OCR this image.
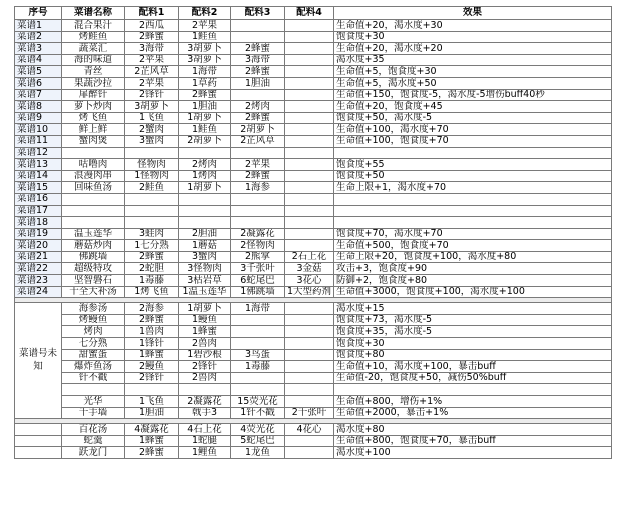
序号	菜谱名称	配料1	配料2	配料3	配料4	效果
菜谱1	混合果汁	2西瓜	2苹果			生命值+20，渴水度+30
菜谱2	烤鲑鱼	2蜂蜜	1鲑鱼			饱食度+30
菜谱3	蔬菜汇	3海带	3胡萝卜	2蜂蜜		生命值+20，渴水度+20
菜谱4	海的味道	2苹果	3胡萝卜	3海带		渴水度+35
菜谱5	青丝	2芷风草	1海带	2蜂蜜		生命值+5，饱食度+30
菜谱6	果蔬沙拉	2苹果	1草药	1胆油		生命值+5，渴水度+50
菜谱7	扉醉针	2锋针	2蜂蜜			生命值+150，饱食度-5，渴水度-5增伤buff40秒
菜谱8	萝卜炒肉	3胡萝卜	1胆油	2烤肉		生命值+20，饱食度+45
菜谱9	烤飞鱼	1飞鱼	1胡萝卜	2蜂蜜		饱食度+50，渴水度-5
菜谱10	鲜上鲜	2蟹肉	1鲑鱼	2胡萝卜		生命值+100，渴水度+70
菜谱11	蟹肉煲	3蟹肉	2胡萝卜	2芷风草		生命值+100，饱食度+70
菜谱12						
菜谱13	咕噜肉	怪物肉	2烤肉	2苹果		饱食度+55
菜谱14	浪漫肉串	1怪物肉	1烤肉	2蜂蜜		饱食度+50
菜谱15	回味鱼汤	2鲑鱼	1胡萝卜	1海参		生命上限+1，渴水度+70
菜谱16						
菜谱17						
菜谱18						
菜谱19	温玉莲华	3蛙肉	2胆油	2凝露花		饱食度+70，渴水度+70
菜谱20	蘑菇炒肉	1七分熟	1蘑菇	2怪物肉		生命值+500，饱食度+70
菜谱21	佛跳墙	2蜂蜜	3蟹肉	2熊掌	2石上花	生命上限+20，饱食度+100，渴水度+80
菜谱22	超级特攻	2蛇胆	3怪物肉	3千张叶	3金菇	攻击+3，饱食度+90
菜谱23	坚智磐石	1毒藤	3枯岩草	6蛇尾巴	3花心	防御+2，饱食度+80
菜谱24	十全大补汤	1烤飞鱼	1温玉莲华	1佛跳墙	1大型药剂	生命值+3000，饱食度+100，渴水度+100

菜谱号未知	海参汤	2海参	1胡萝卜	1海带		渴水度+15
	烤鳗鱼	2蜂蜜	1鳗鱼			饱食度+73，渴水度-5
	烤肉	1兽肉	1蜂蜜			饱食度+35，渴水度-5
	七分熟	1锋针	2兽肉			饱食度+30
	甜蜜蛋	1蜂蜜	1碧沙根	3鸟蛋		饱食度+80
	爆炸鱼汤	2鳗鱼	2锋针	1毒藤		生命值+10，渴水度+100，暴击buff
	针不戳	2锋针	2兽肉			生命值-20，饱食度+50，减伤50%buff

	光华	1飞鱼	2凝露花	15荧光花		生命值+800，增伤+1%
	千手墙	1胆油	戟手3	1针不戳	2千张叶	生命值+2000，暴击+1%

	百花汤	4凝露花	4石上花	4荧光花	4花心	渴水度+80
	蛇羹	1蜂蜜	1蛇腿	5蛇尾巴		生命值+800，饱食度+70，暴击buff
	跃龙门	2蜂蜜	1鲤鱼	1龙鱼		渴水度+100
